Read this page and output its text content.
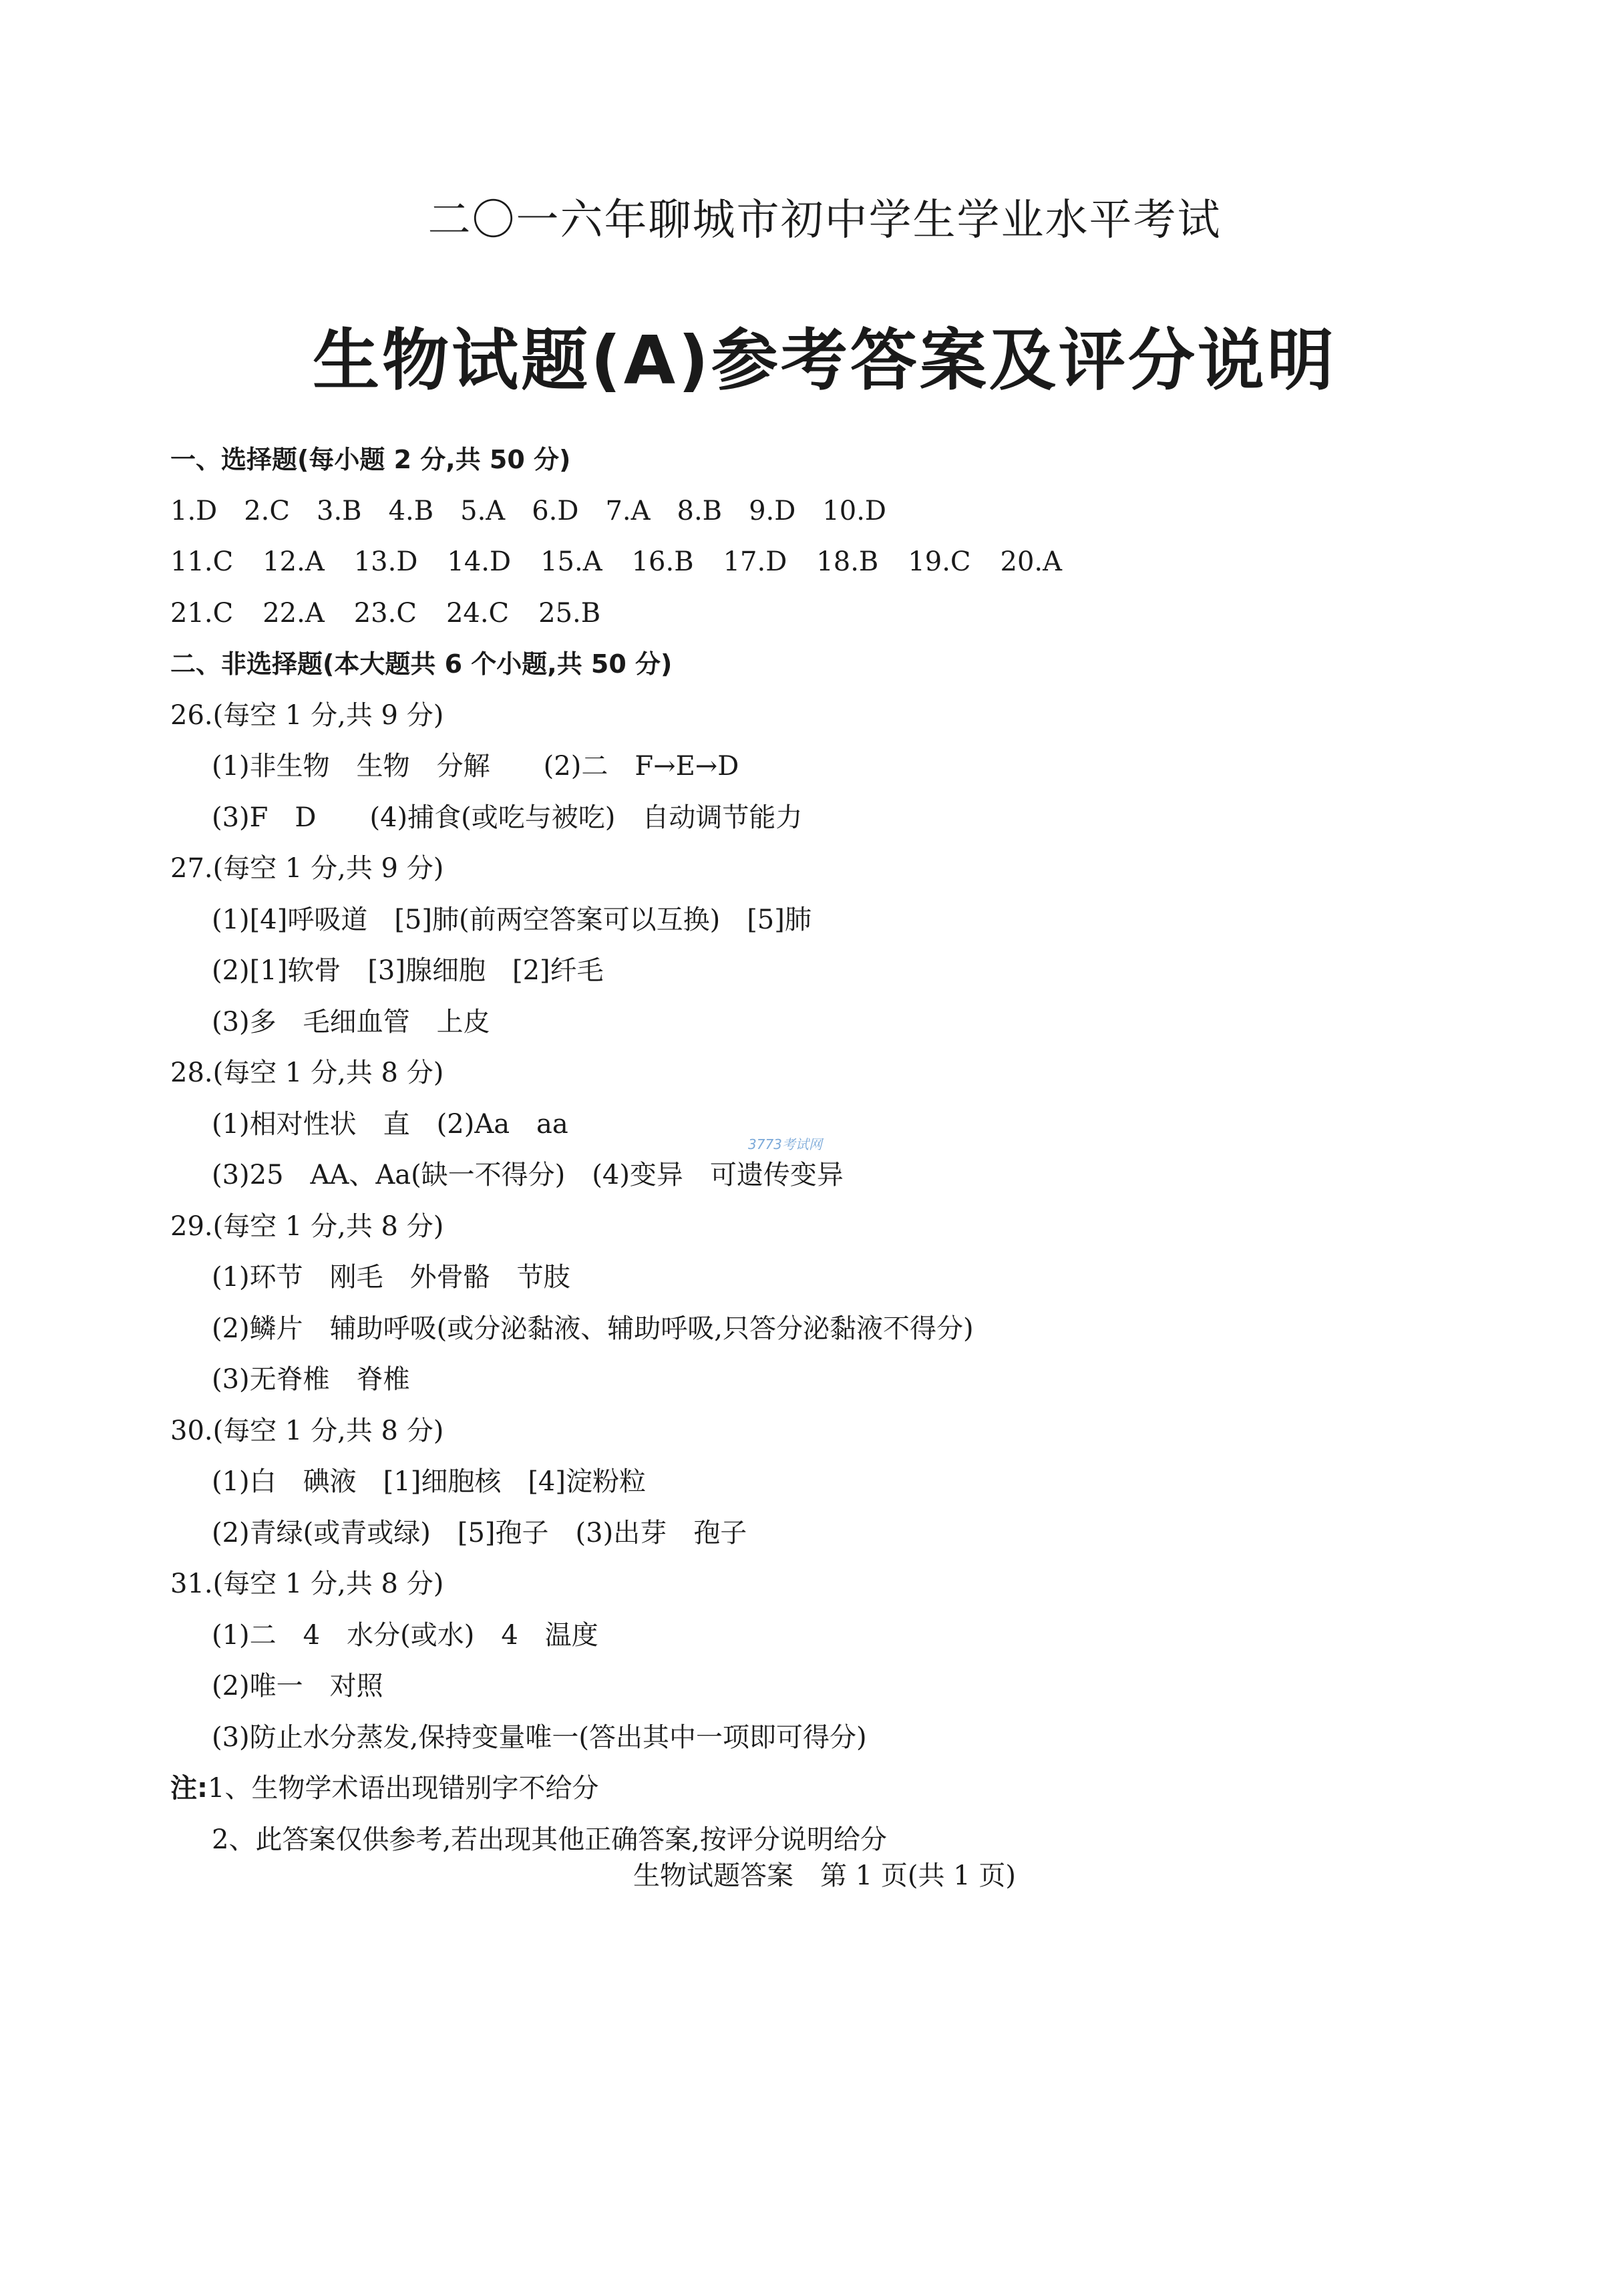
二〇一六年聊城市初中学生学业水平考试
生物试题(A)参考答案及评分说明
一、选择题(每小题 2 分,共 50 分)
1.D 2.C 3.B 4.B 5.A 6.D 7.A 8.B 9.D 10.D
11.C 12.A 13.D 14.D 15.A 16.B 17.D 18.B 19.C 20.A
21.C 22.A 23.C 24.C 25.B
二、非选择题(本大题共 6 个小题,共 50 分)
26.(每空 1 分,共 9 分)
(1)非生物　生物　分解　　(2)二　F→E→D
(3)F　D　　(4)捕食(或吃与被吃)　自动调节能力
27.(每空 1 分,共 9 分)
(1)[4]呼吸道　[5]肺(前两空答案可以互换)　[5]肺
(2)[1]软骨　[3]腺细胞　[2]纤毛
(3)多　毛细血管　上皮
28.(每空 1 分,共 8 分)
(1)相对性状　直　(2)Aa　aa
(3)25　AA、Aa(缺一不得分)　(4)变异　可遗传变异
29.(每空 1 分,共 8 分)
(1)环节　刚毛　外骨骼　节肢
(2)鳞片　辅助呼吸(或分泌黏液、辅助呼吸,只答分泌黏液不得分)
(3)无脊椎　脊椎
30.(每空 1 分,共 8 分)
(1)白　碘液　[1]细胞核　[4]淀粉粒
(2)青绿(或青或绿)　[5]孢子　(3)出芽　孢子
31.(每空 1 分,共 8 分)
(1)二　4　水分(或水)　4　温度
(2)唯一　对照
(3)防止水分蒸发,保持变量唯一(答出其中一项即可得分)
注:1、生物学术语出现错别字不给分
2、此答案仅供参考,若出现其他正确答案,按评分说明给分
生物试题答案　第 1 页(共 1 页)
3773考试网
